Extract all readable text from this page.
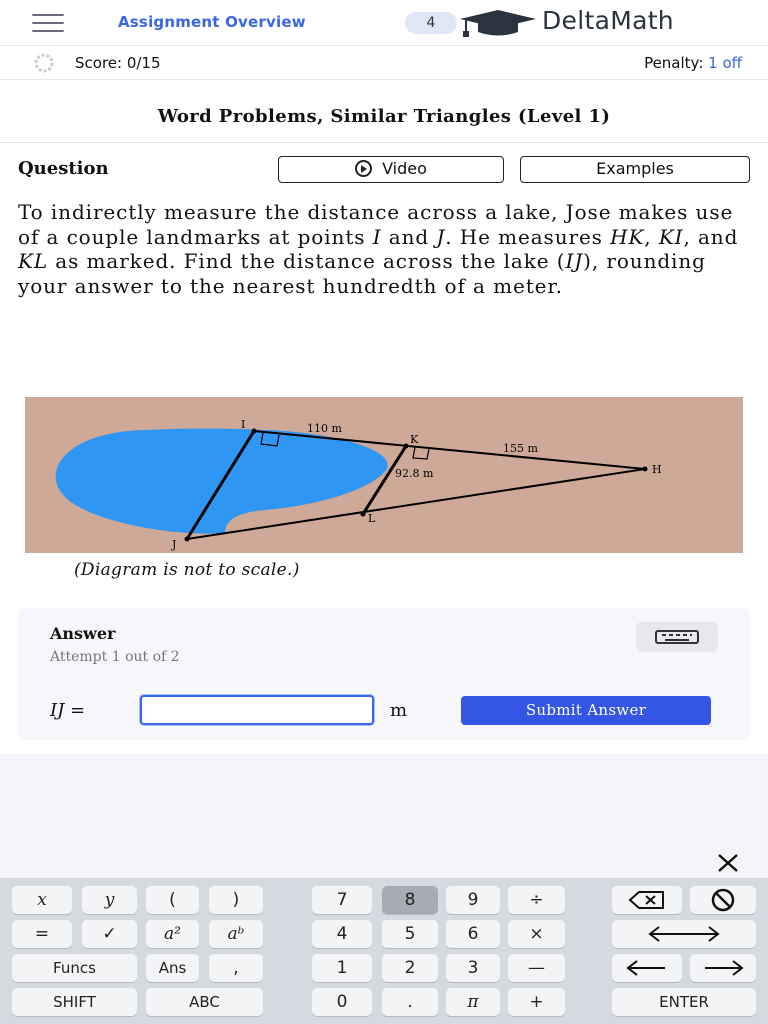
Assignment Overview	4	DeltaMath
Score: 0/15	Penalty: 1 off
Word Problems, Similar Triangles (Level 1)
Question	Video	Examples
To indirectly measure the distance across a lake, Jose makes use of a couple landmarks at points I and J. He measures HK, KI, and KL as marked. Find the distance across the lake (IJ), rounding your answer to the nearest hundredth of a meter.
I
K
H
L
J
110 m
155 m
92.8 m
(Diagram is not to scale.)
Answer
Attempt 1 out of 2
IJ =	m	Submit Answer
x	y	(	)	7	8	9	÷
=	✓	a²	aᵇ	4	5	6	×
Funcs	Ans	,	1	2	3	—
SHIFT	ABC	0	.	π	+	ENTER
